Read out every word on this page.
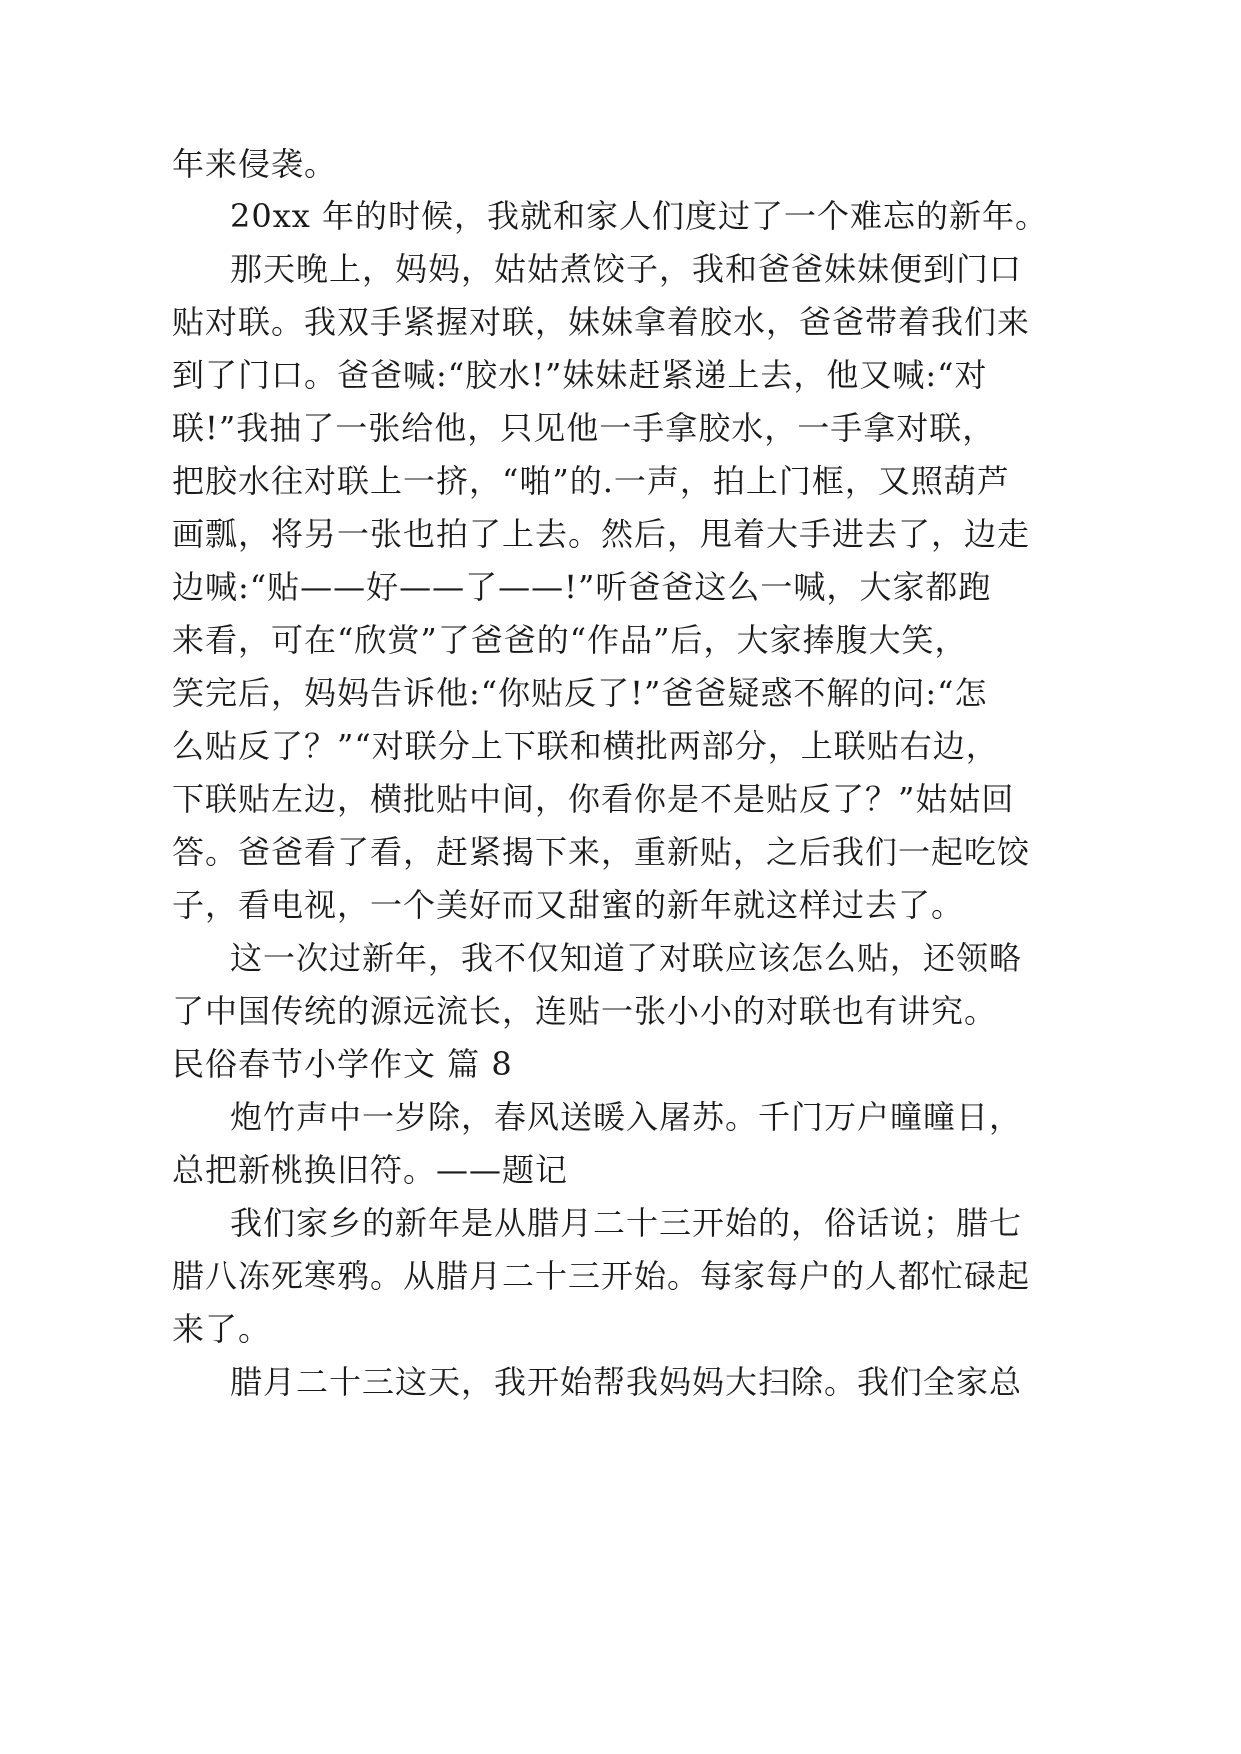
年来侵袭。
20xx 年的时候，我就和家人们度过了一个难忘的新年。
那天晚上，妈妈，姑姑煮饺子，我和爸爸妹妹便到门口
贴对联。我双手紧握对联，妹妹拿着胶水，爸爸带着我们来
到了门口。爸爸喊:“胶水!”妹妹赶紧递上去，他又喊:“对
联!”我抽了一张给他，只见他一手拿胶水，一手拿对联，
把胶水往对联上一挤，“啪”的.一声，拍上门框，又照葫芦
画瓢，将另一张也拍了上去。然后，甩着大手进去了，边走
边喊:“贴——好——了——!”听爸爸这么一喊，大家都跑
来看，可在“欣赏”了爸爸的“作品”后，大家捧腹大笑，
笑完后，妈妈告诉他:“你贴反了!”爸爸疑惑不解的问:“怎
么贴反了？”“对联分上下联和横批两部分，上联贴右边，
下联贴左边，横批贴中间，你看你是不是贴反了？”姑姑回
答。爸爸看了看，赶紧揭下来，重新贴，之后我们一起吃饺
子，看电视，一个美好而又甜蜜的新年就这样过去了。
这一次过新年，我不仅知道了对联应该怎么贴，还领略
了中国传统的源远流长，连贴一张小小的对联也有讲究。
民俗春节小学作文 篇 8
炮竹声中一岁除，春风送暖入屠苏。千门万户曈曈日，
总把新桃换旧符。——题记
我们家乡的新年是从腊月二十三开始的，俗话说；腊七
腊八冻死寒鸦。从腊月二十三开始。每家每户的人都忙碌起
来了。
腊月二十三这天，我开始帮我妈妈大扫除。我们全家总
